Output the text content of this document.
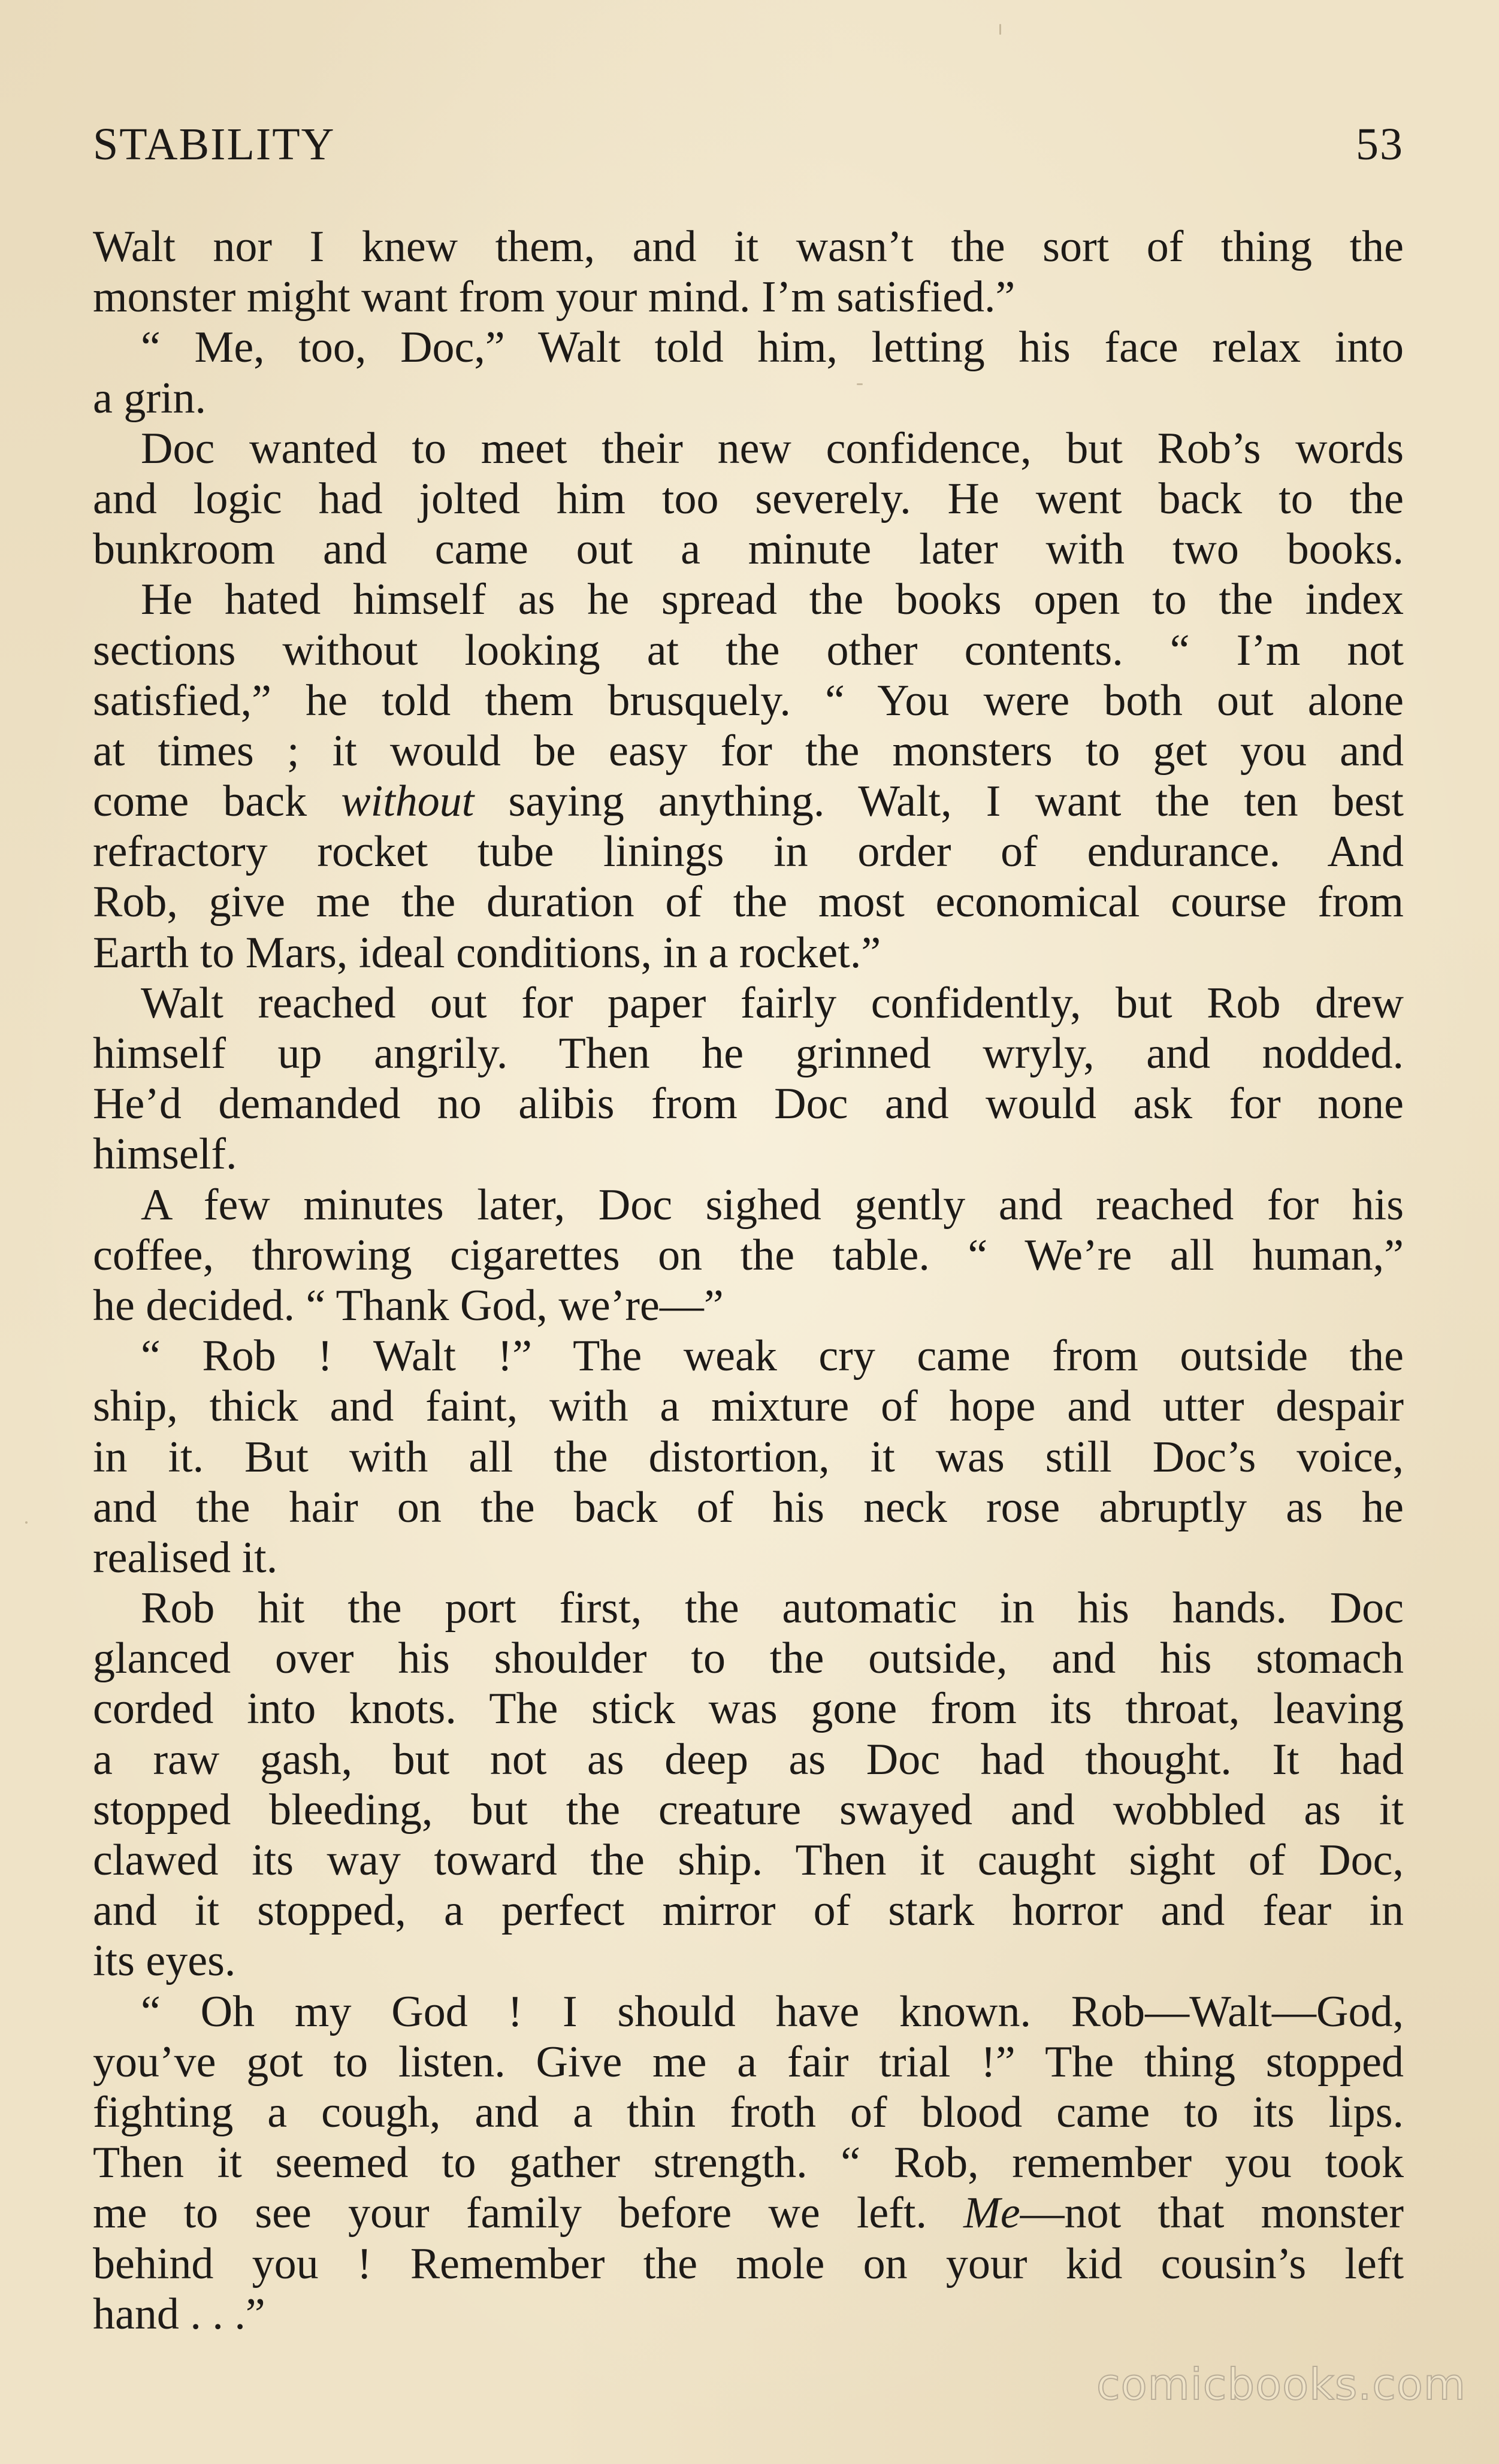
STABILITY	53
Walt nor I knew them, and it wasn’t the sort of thing the
monster might want from your mind. I’m satisfied.”
“ Me, too, Doc,” Walt told him, letting his face relax into
a grin.
Doc wanted to meet their new confidence, but Rob’s words
and logic had jolted him too severely. He went back to the
bunkroom and came out a minute later with two books.
He hated himself as he spread the books open to the index
sections without looking at the other contents. “ I’m not
satisfied,” he told them brusquely. “ You were both out alone
at times ; it would be easy for the monsters to get you and
come back without saying anything. Walt, I want the ten best
refractory rocket tube linings in order of endurance. And
Rob, give me the duration of the most economical course from
Earth to Mars, ideal conditions, in a rocket.”
Walt reached out for paper fairly confidently, but Rob drew
himself up angrily. Then he grinned wryly, and nodded.
He’d demanded no alibis from Doc and would ask for none
himself.
A few minutes later, Doc sighed gently and reached for his
coffee, throwing cigarettes on the table. “ We’re all human,”
he decided. “ Thank God, we’re—”
“ Rob ! Walt !” The weak cry came from outside the
ship, thick and faint, with a mixture of hope and utter despair
in it. But with all the distortion, it was still Doc’s voice,
and the hair on the back of his neck rose abruptly as he
realised it.
Rob hit the port first, the automatic in his hands. Doc
glanced over his shoulder to the outside, and his stomach
corded into knots. The stick was gone from its throat, leaving
a raw gash, but not as deep as Doc had thought. It had
stopped bleeding, but the creature swayed and wobbled as it
clawed its way toward the ship. Then it caught sight of Doc,
and it stopped, a perfect mirror of stark horror and fear in
its eyes.
“ Oh my God ! I should have known. Rob—Walt—God,
you’ve got to listen. Give me a fair trial !” The thing stopped
fighting a cough, and a thin froth of blood came to its lips.
Then it seemed to gather strength. “ Rob, remember you took
me to see your family before we left. Me—not that monster
behind you ! Remember the mole on your kid cousin’s left
hand . . .”
comicbooks.com
